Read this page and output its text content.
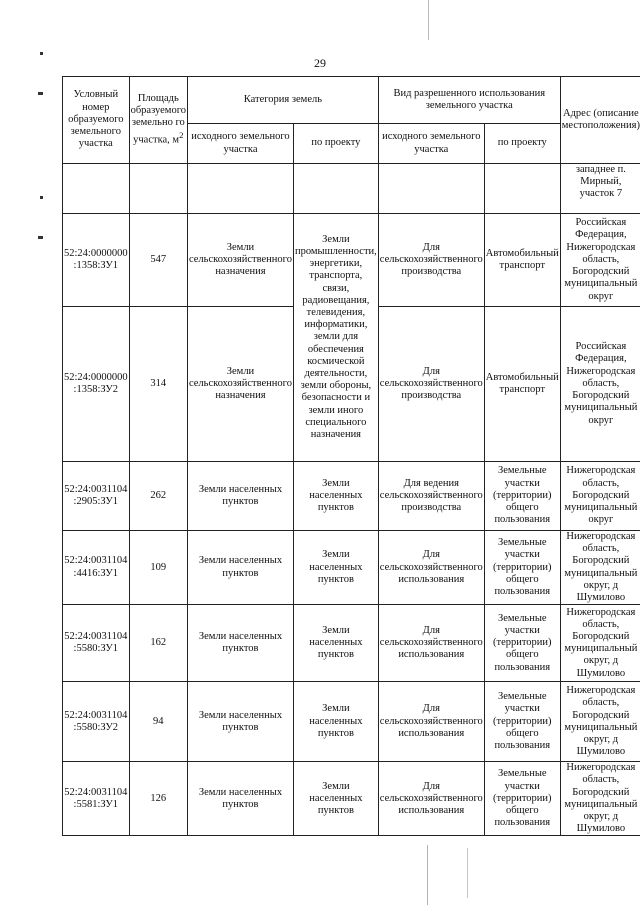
29
Условный номер образуемого земельного участка	Площадь образуемого земельно го участка, $м^2$	Категория земель		Вид разрешенного использования земельного участка		Адрес (описание местоположения)
		исходного земельного участка	по проекту	исходного земельного участка	по проекту	
						западнее п. Мирный, участок 7
52:24:0000000 :1358:ЗУ1	547	Земли сельскохозяйственного назначения	Земли промышленности, энергетики, транспорта, связи, радиовещания, телевидения, информатики, земли для обеспечения космической деятельности, земли обороны, безопасности и земли иного специального назначения	Для сельскохозяйственного производства	Автомобильный транспорт	Российская Федерация, Нижегородская область, Богородский муниципальный округ
52:24:0000000 :1358:ЗУ2	314	Земли сельскохозяйственного назначения		Для сельскохозяйственного производства	Автомобильный транспорт	Российская Федерация, Нижегородская область, Богородский муниципальный округ
52:24:0031104 :2905:ЗУ1	262	Земли населенных пунктов	Земли населенных пунктов	Для ведения сельскохозяйственного производства	Земельные участки (территории) общего пользования	Нижегородская область, Богородский муниципальный округ
52:24:0031104 :4416:ЗУ1	109	Земли населенных пунктов	Земли населенных пунктов	Для сельскохозяйственного использования	Земельные участки (территории) общего пользования	Нижегородская область, Богородский муниципальный округ, д Шумилово
52:24:0031104 :5580:ЗУ1	162	Земли населенных пунктов	Земли населенных пунктов	Для сельскохозяйственного использования	Земельные участки (территории) общего пользования	Нижегородская область, Богородский муниципальный округ, д Шумилово
52:24:0031104 :5580:ЗУ2	94	Земли населенных пунктов	Земли населенных пунктов	Для сельскохозяйственного использования	Земельные участки (территории) общего пользования	Нижегородская область, Богородский муниципальный округ, д Шумилово
52:24:0031104 :5581:ЗУ1	126	Земли населенных пунктов	Земли населенных пунктов	Для сельскохозяйственного использования	Земельные участки (территории) общего пользования	Нижегородская область, Богородский муниципальный округ, д Шумилово
